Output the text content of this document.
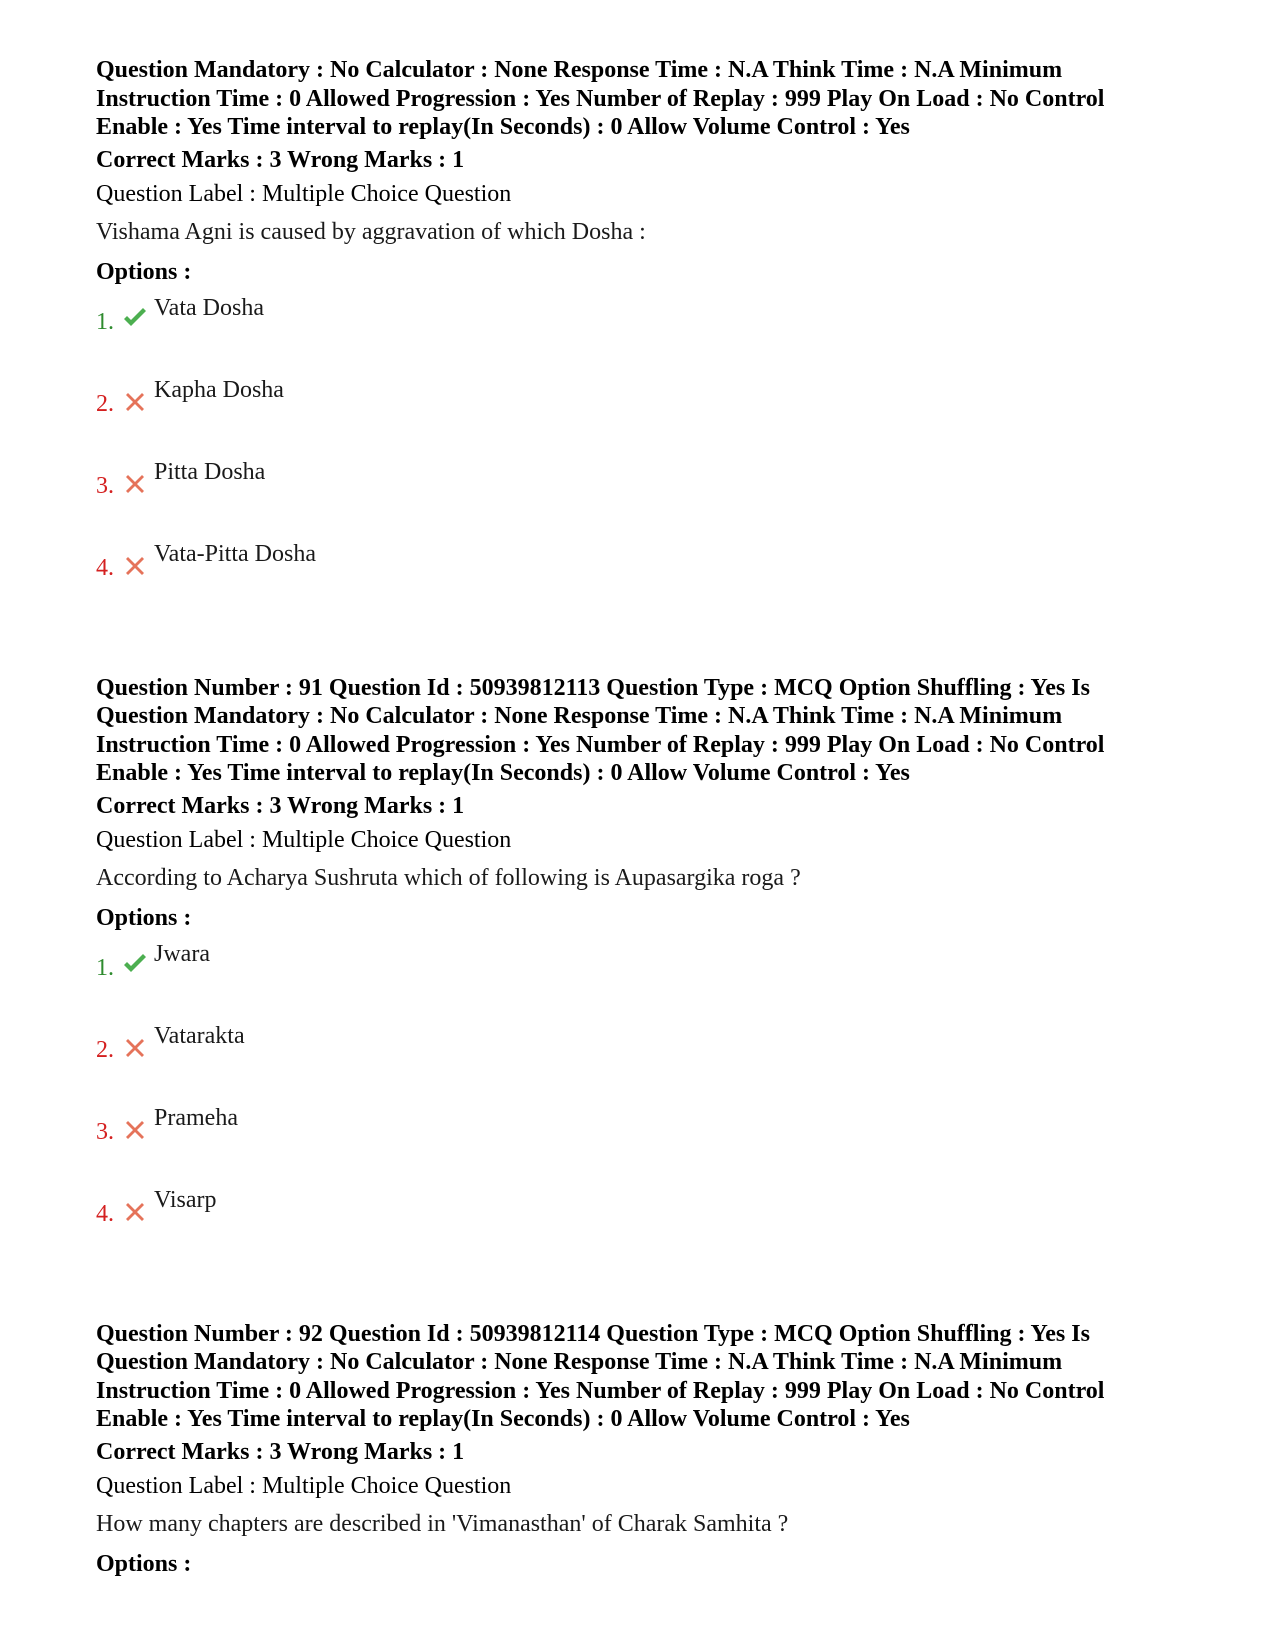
Question Mandatory : No Calculator : None Response Time : N.A Think Time : N.A Minimum
Instruction Time : 0 Allowed Progression : Yes Number of Replay : 999 Play On Load : No Control
Enable : Yes Time interval to replay(In Seconds) : 0 Allow Volume Control : Yes
Correct Marks : 3 Wrong Marks : 1
Question Label : Multiple Choice Question
Vishama Agni is caused by aggravation of which Dosha :
Options :
1.
Vata Dosha
2.
Kapha Dosha
3.
Pitta Dosha
4.
Vata-Pitta Dosha
Question Number : 91 Question Id : 50939812113 Question Type : MCQ Option Shuffling : Yes Is
Question Mandatory : No Calculator : None Response Time : N.A Think Time : N.A Minimum
Instruction Time : 0 Allowed Progression : Yes Number of Replay : 999 Play On Load : No Control
Enable : Yes Time interval to replay(In Seconds) : 0 Allow Volume Control : Yes
Correct Marks : 3 Wrong Marks : 1
Question Label : Multiple Choice Question
According to Acharya Sushruta which of following is Aupasargika roga ?
Options :
1.
Jwara
2.
Vatarakta
3.
Prameha
4.
Visarp
Question Number : 92 Question Id : 50939812114 Question Type : MCQ Option Shuffling : Yes Is
Question Mandatory : No Calculator : None Response Time : N.A Think Time : N.A Minimum
Instruction Time : 0 Allowed Progression : Yes Number of Replay : 999 Play On Load : No Control
Enable : Yes Time interval to replay(In Seconds) : 0 Allow Volume Control : Yes
Correct Marks : 3 Wrong Marks : 1
Question Label : Multiple Choice Question
How many chapters are described in 'Vimanasthan' of Charak Samhita ?
Options :
